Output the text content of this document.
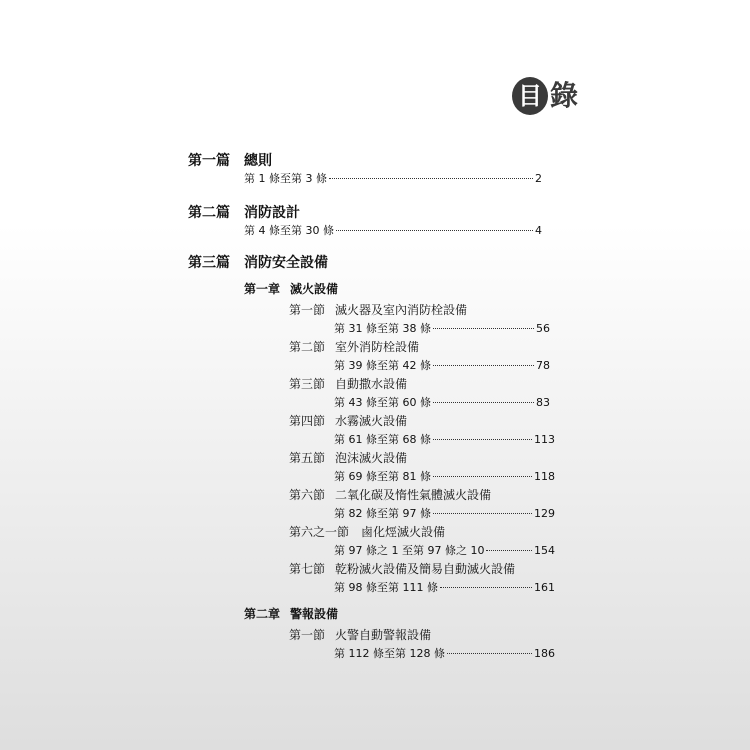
目 錄
第一篇	總則
第 1 條至第 3 條	2
第二篇	消防設計
第 4 條至第 30 條	4
第三篇	消防安全設備
第一章 滅火設備
第一節 滅火器及室內消防栓設備
第 31 條至第 38 條	56
第二節 室外消防栓設備
第 39 條至第 42 條	78
第三節 自動撒水設備
第 43 條至第 60 條	83
第四節 水霧滅火設備
第 61 條至第 68 條	113
第五節 泡沫滅火設備
第 69 條至第 81 條	118
第六節 二氧化碳及惰性氣體滅火設備
第 82 條至第 97 條	129
第六之一節 鹵化烴滅火設備
第 97 條之 1 至第 97 條之 10	154
第七節 乾粉滅火設備及簡易自動滅火設備
第 98 條至第 111 條	161
第二章 警報設備
第一節 火警自動警報設備
第 112 條至第 128 條	186
